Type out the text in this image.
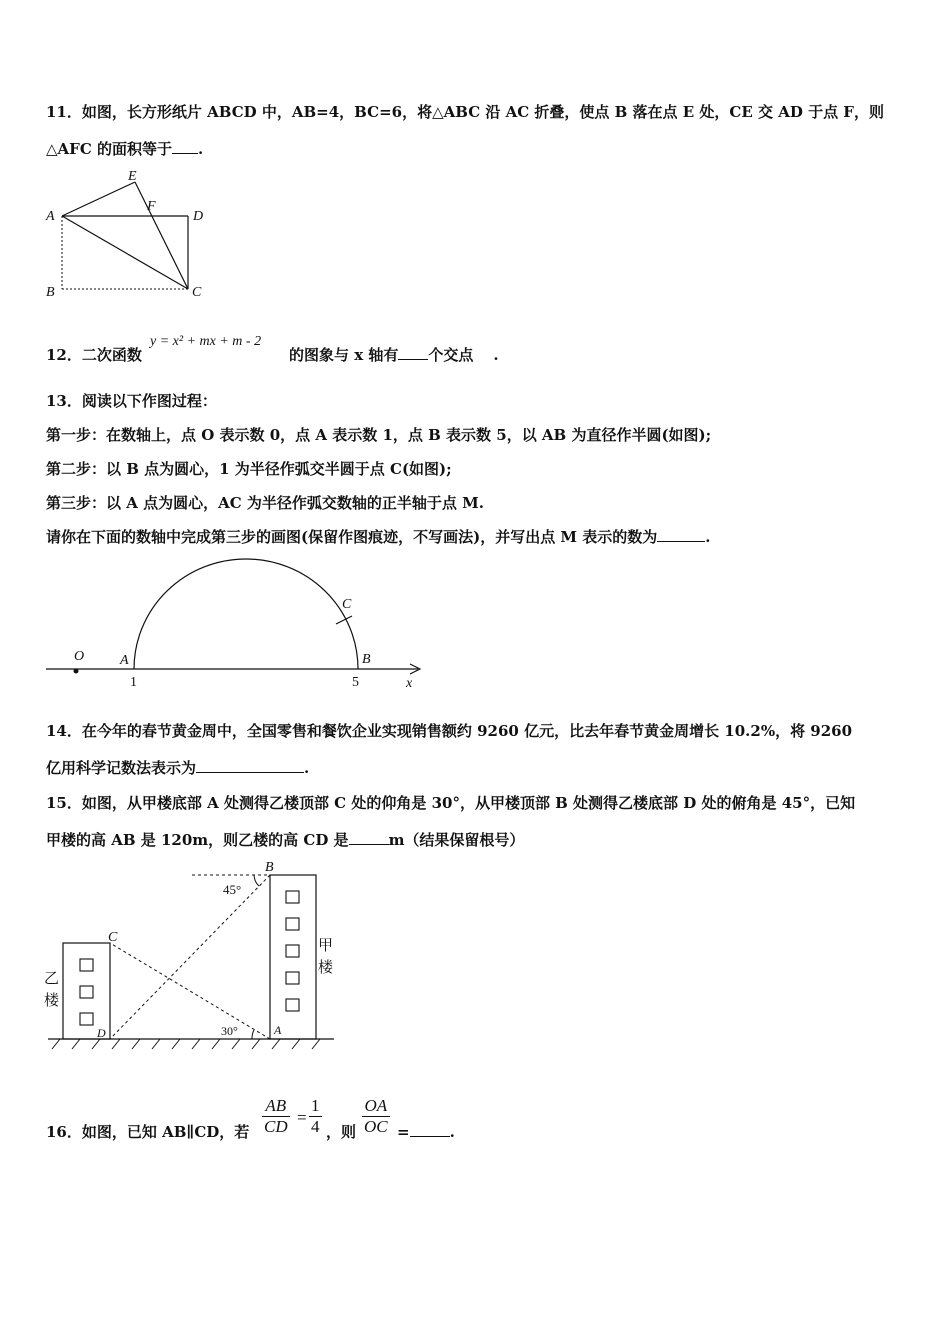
11．如图，长方形纸片 ABCD 中，AB=4，BC=6，将△ABC 沿 AC 折叠，使点 B 落在点 E 处，CE 交 AD 于点 F，则
△AFC 的面积等于 .
A
B	C
D
E
F
12．二次函数
y = x² + mx + m - 2
的图象与 x 轴有 个交点 .
13．阅读以下作图过程：
第一步：在数轴上，点 O 表示数 0，点 A 表示数 1，点 B 表示数 5，以 AB 为直径作半圆(如图);
第二步：以 B 点为圆心，1 为半径作弧交半圆于点 C(如图);
第三步：以 A 点为圆心，AC 为半径作弧交数轴的正半轴于点 M.
请你在下面的数轴中完成第三步的画图(保留作图痕迹，不写画法)，并写出点 M 表示的数为	.
O	A	B
C
1	5	x
14．在今年的春节黄金周中，全国零售和餐饮企业实现销售额约 9260 亿元，比去年春节黄金周增长 10.2%，将 9260
亿用科学记数法表示为	.
15．如图，从甲楼底部 A 处测得乙楼顶部 C 处的仰角是 30°，从甲楼顶部 B 处测得乙楼底部 D 处的俯角是 45°，已知
甲楼的高 AB 是 120m，则乙楼的高 CD 是	m（结果保留根号）
B
C
D	A
45°
30°
甲
楼
乙
楼
16．如图，已知 AB∥CD，若 $\frac{AB}{CD} = \frac{1}{4}$ ，则 $\frac{OA}{OC}$ =	.
